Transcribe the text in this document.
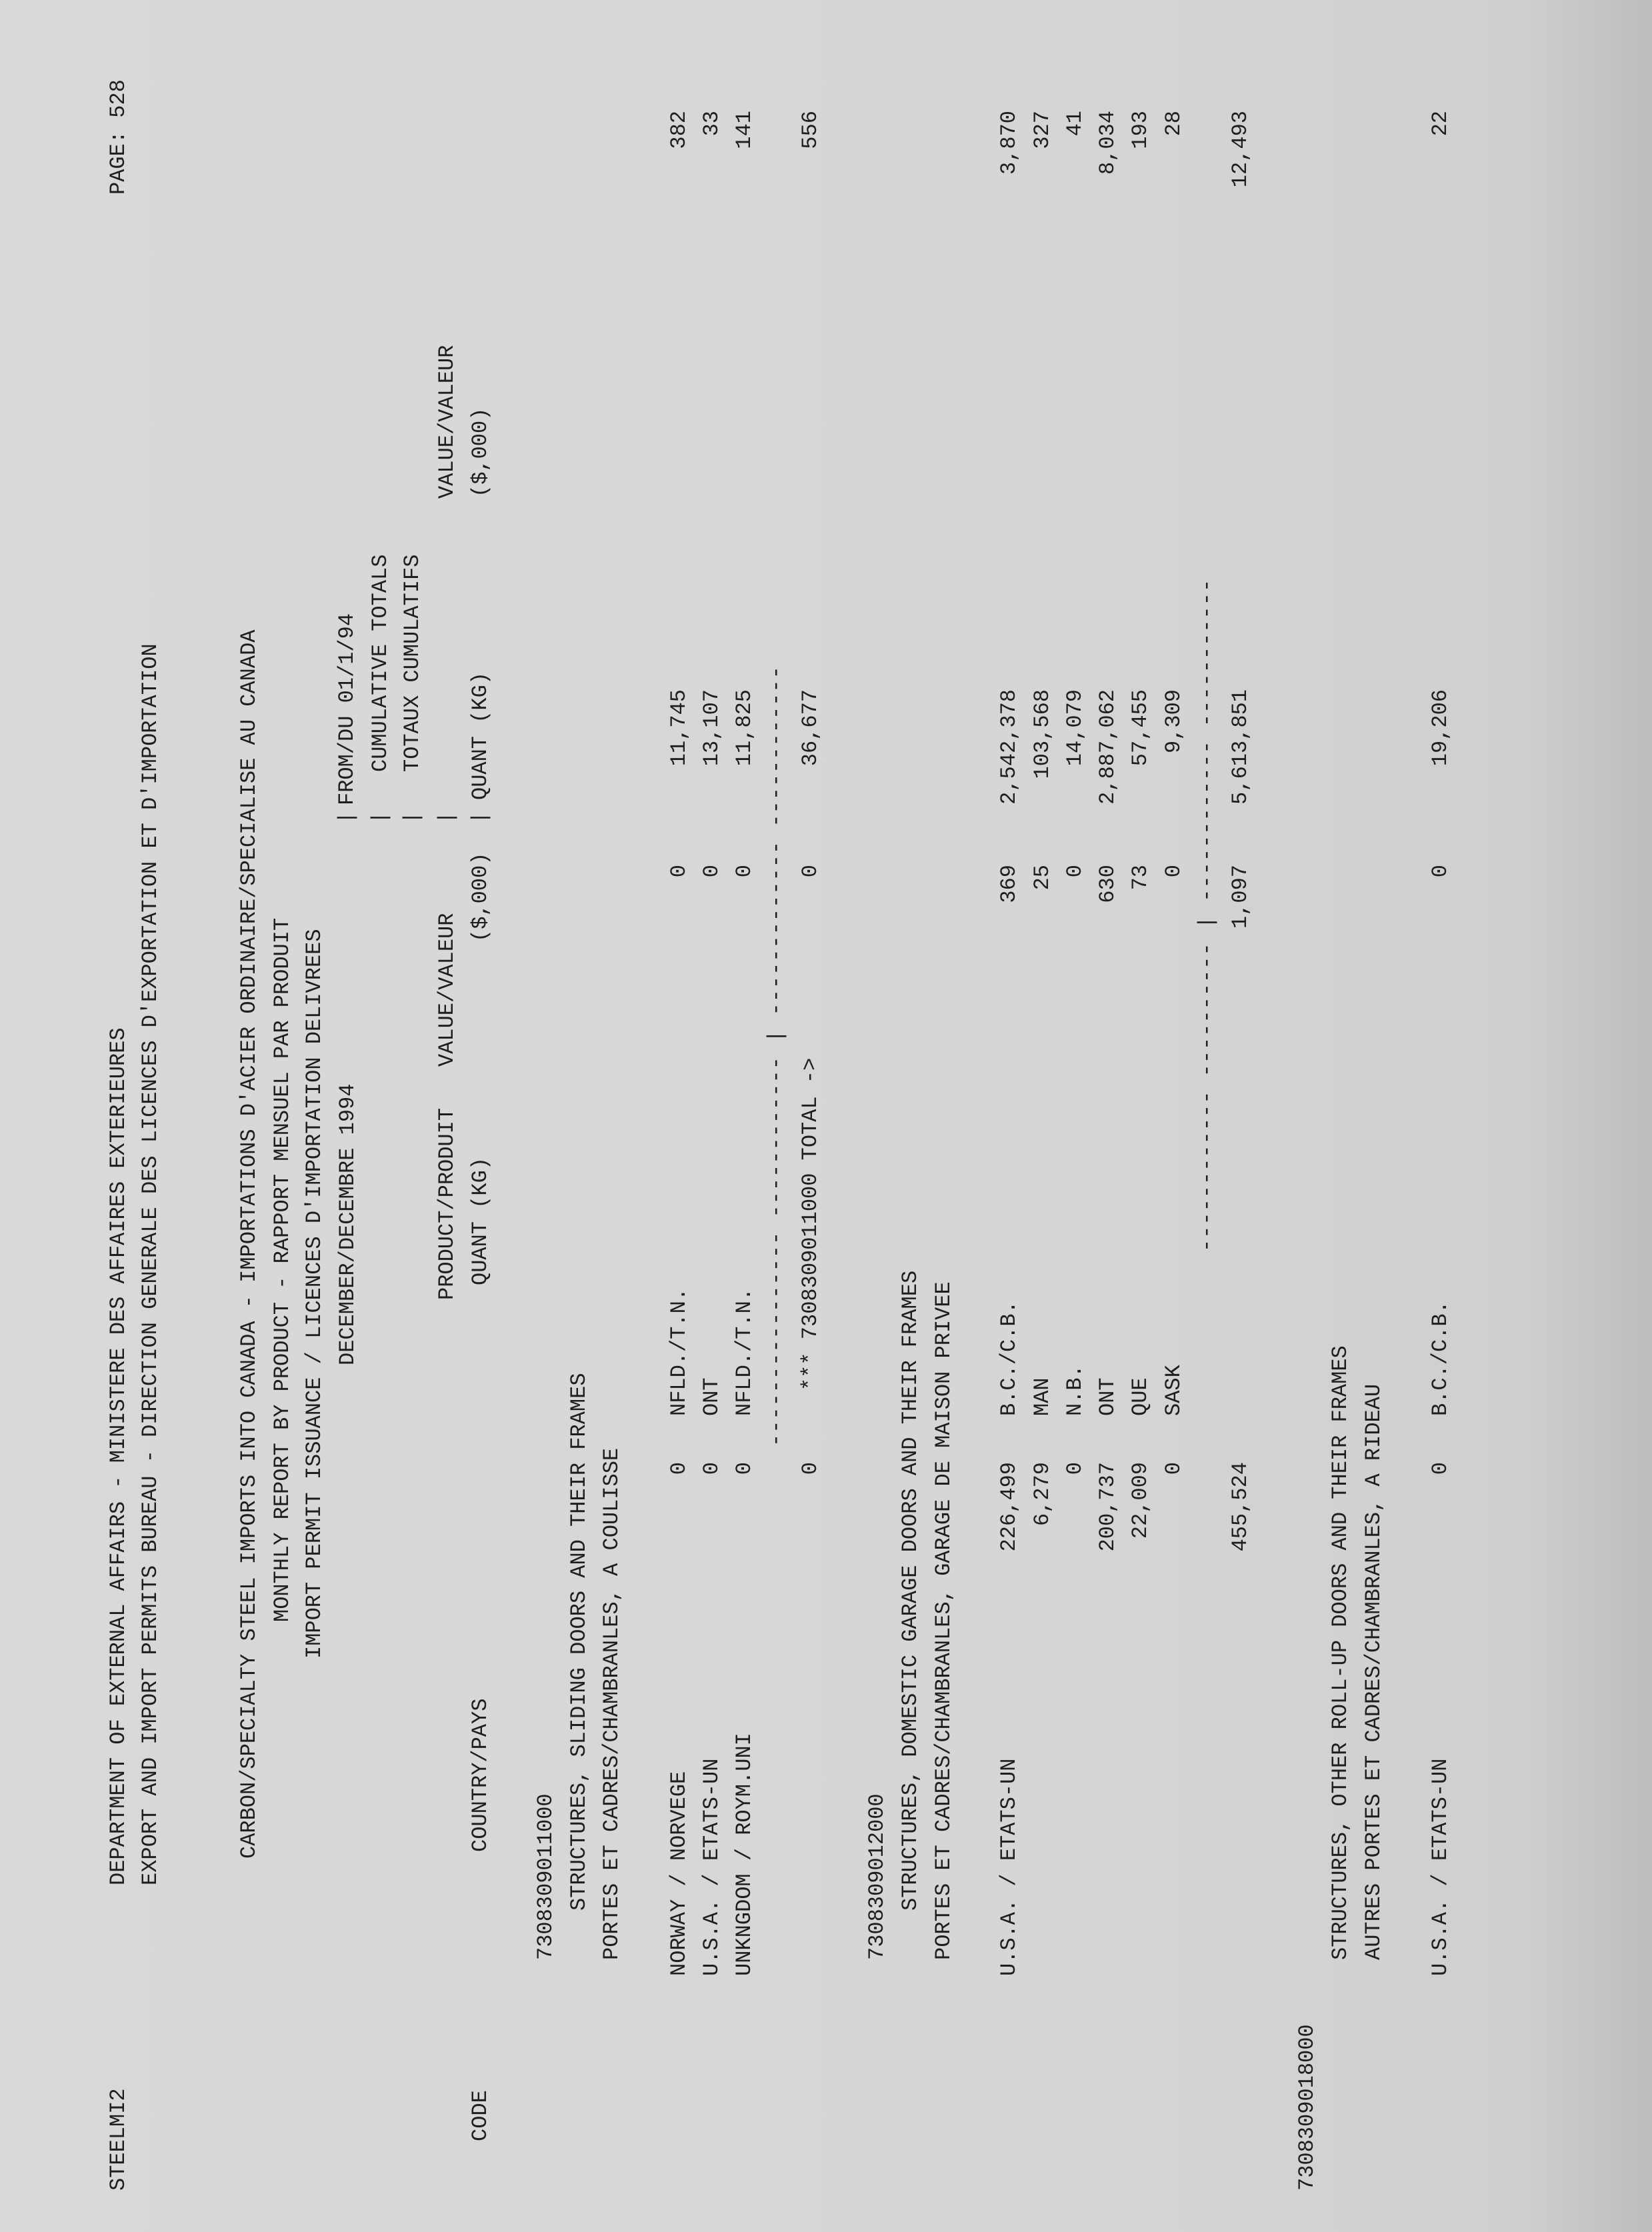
STEELMI2
DEPARTMENT OF EXTERNAL AFFAIRS - MINISTERE DES AFFAIRES EXTERIEURES
PAGE: 528
EXPORT AND IMPORT PERMITS BUREAU - DIRECTION GENERALE DES LICENCES D'EXPORTATION ET D'IMPORTATION	CARBON/SPECIALTY STEEL IMPORTS INTO CANADA - IMPORTATIONS D'ACIER ORDINAIRE/SPECIALISE AU CANADA MONTHLY REPORT BY PRODUCT - RAPPORT MENSUEL PAR PRODUIT IMPORT PERMIT ISSUANCE / LICENCES D'IMPORTATION DELIVREES DECEMBER/DECEMBRE 1994
|
FROM/DU 01/1/94
|
CUMULATIVE TOTALS
|
TOTAUX CUMULATIFS
PRODUCT/PRODUIT
|
VALUE/VALEUR
VALUE/VALEUR
CODE
COUNTRY/PAYS
QUANT (KG)
($,000)
|
QUANT (KG)
($,000)
7308309011000 STRUCTURES, SLIDING DOORS AND THEIR FRAMES PORTES ET CADRES/CHAMBRANLES, A COULISSE NORWAY / NORVEGE
NFLD./T.N.
0
0
11,745
382
U.S.A. / ETATS-UN
ONT
0
0
13,107
33
UNKNGDOM / ROYM.UNI
NFLD./T.N.
0
0
11,825
141
---------------- ------------ | ------------- ------------ *** 7308309011000 TOTAL ->
0
0
36,677
556
7308309012000 STRUCTURES, DOMESTIC GARAGE DOORS AND THEIR FRAMES PORTES ET CADRES/CHAMBRANLES, GARAGE DE MAISON PRIVEE U.S.A. / ETATS-UN
B.C./C.B.
226,499
369
2,542,378
3,870
MAN
6,279
25
103,568
327
N.B.
0
0
14,079
41
ONT
200,737
630
2,887,062
8,034
QUE
22,009
73
57,455
193
SASK
0
0
9,309
28
------------ ---------- | ------------ -----------
455,524
1,097
5,613,851
12,493
7308309018000
STRUCTURES, OTHER ROLL-UP DOORS AND THEIR FRAMES AUTRES PORTES ET CADRES/CHAMBRANLES, A RIDEAU U.S.A. / ETATS-UN
B.C./C.B.
0
0
19,206
22
